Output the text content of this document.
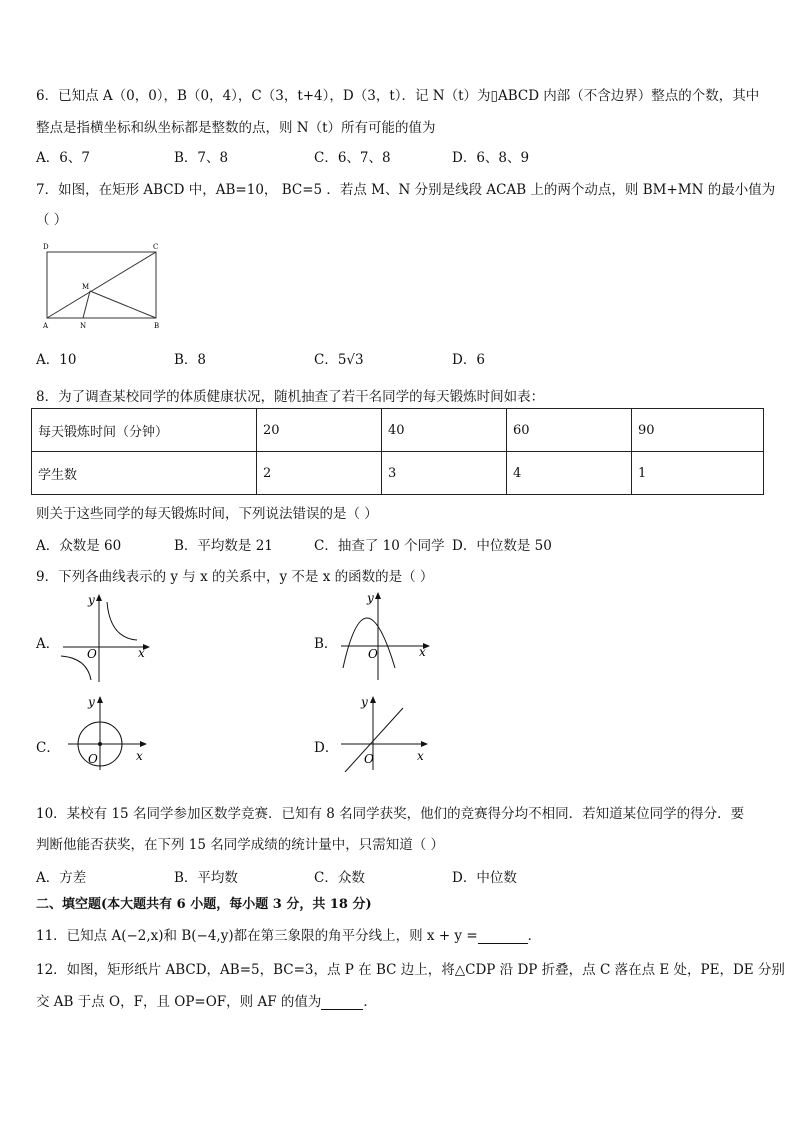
6．已知点 A（0，0），B（0，4），C（3，t+4），D（3，t）．记 N（t）为▯ABCD 内部（不含边界）整点的个数，其中
整点是指横坐标和纵坐标都是整数的点，则 N（t）所有可能的值为
A．6、7	B．7、8	C．6、7、8	D．6、8、9
7．如图，在矩形 ABCD 中，AB=10， BC=5 ．若点 M、N 分别是线段 ACAB 上的两个动点，则 BM+MN 的最小值为
（ ）
D	C
A	N	B
M
A．10	B．8	C．5√3	D．6
8．为了调查某校同学的体质健康状况，随机抽查了若干名同学的每天锻炼时间如表：
每天锻炼时间（分钟）	20	40	60	90
学生数	2	3	4	1
则关于这些同学的每天锻炼时间，下列说法错误的是（ ）
A．众数是 60	B．平均数是 21	C．抽查了 10 个同学 D．中位数是 50
9．下列各曲线表示的 y 与 x 的关系中，y 不是 x 的函数的是（ ）
A．
y
x
O
B．
y
x
O
C．
y
x
O
D．
y
x
O
10．某校有 15 名同学参加区数学竞赛．已知有 8 名同学获奖，他们的竞赛得分均不相同．若知道某位同学的得分．要
判断他能否获奖，在下列 15 名同学成绩的统计量中，只需知道（ ）
A．方差	B．平均数	C．众数	D．中位数
二、填空题(本大题共有 6 小题，每小题 3 分，共 18 分)
11．已知点 A(−2,x)和 B(−4,y)都在第三象限的角平分线上，则 x + y =	．
12．如图，矩形纸片 ABCD，AB=5，BC=3，点 P 在 BC 边上，将△CDP 沿 DP 折叠，点 C 落在点 E 处，PE，DE 分别
交 AB 于点 O，F，且 OP=OF，则 AF 的值为	．
